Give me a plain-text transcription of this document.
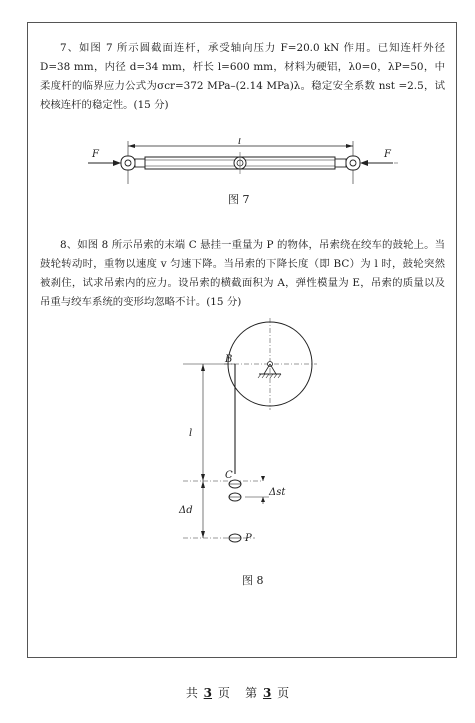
7、如图 7 所示圆截面连杆，承受轴向压力 F=20.0 kN 作用。已知连杆外径 D=38 mm，内径 d=34 mm，杆长 l=600 mm，材料为硬铝，λ0=0，λP=50，中柔度杆的临界应力公式为σcr=372 MPa–(2.14 MPa)λ。稳定安全系数 nst =2.5，试校核连杆的稳定性。(15 分)
l
F	F
图 7
8、如图 8 所示吊索的末端 C 悬挂一重量为 P 的物体，吊索绕在绞车的鼓轮上。当鼓轮转动时，重物以速度 v 匀速下降。当吊索的下降长度（即 BC）为 l 时，鼓轮突然被刹住，试求吊索内的应力。设吊索的横截面积为 A，弹性模量为 E，吊索的质量以及吊重与绞车系统的变形均忽略不计。(15 分)
B
l
C
Δst
P
Δd
图 8
共 3 页 第 3 页
